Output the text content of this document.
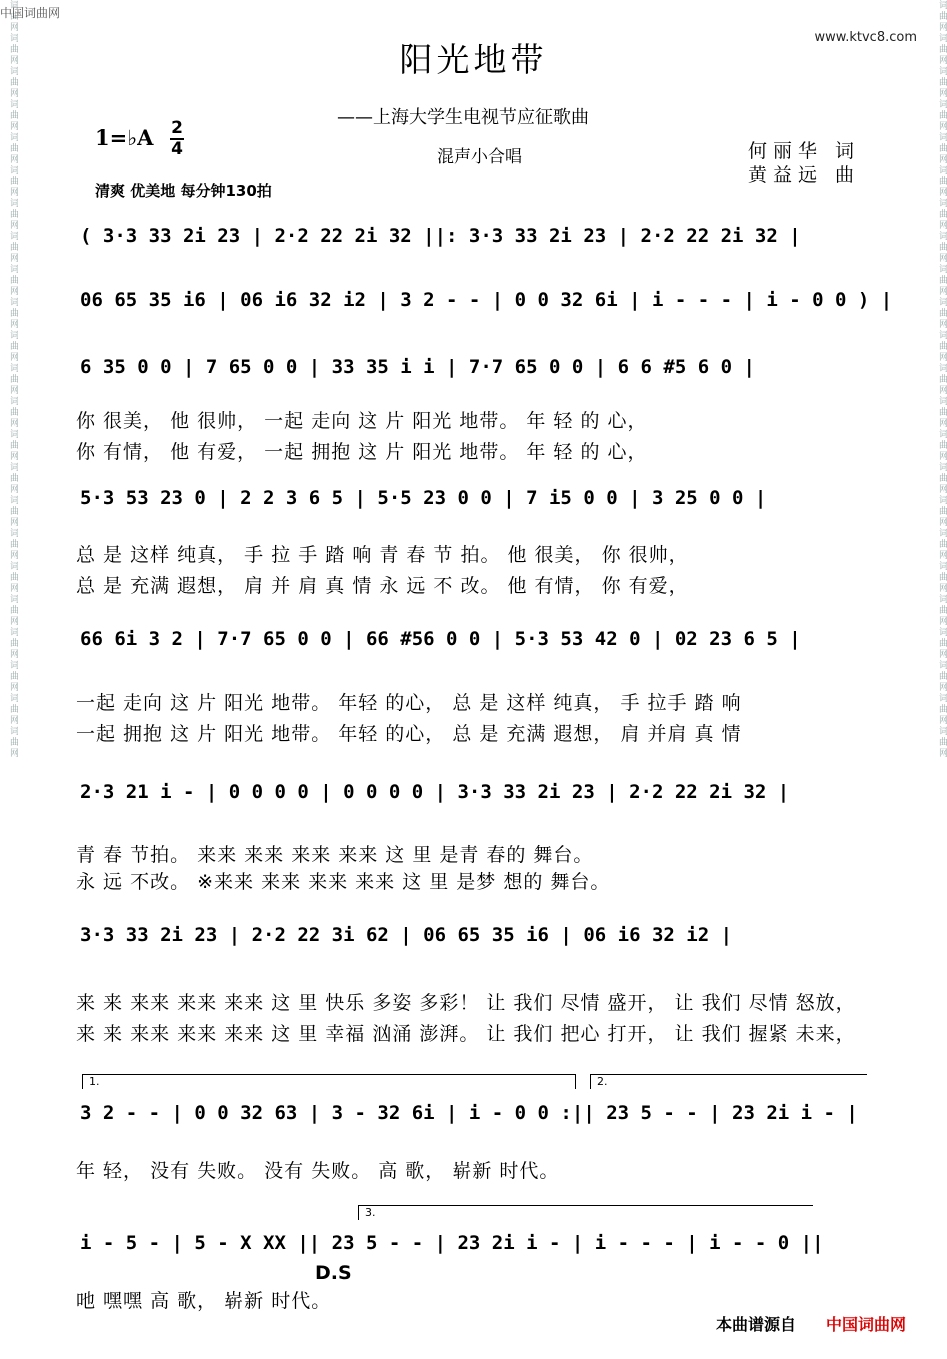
词曲网词曲网词曲网词曲网词曲网词曲网词曲网词曲网词曲网词曲网词曲网词曲网词曲网词曲网词曲网词曲网词曲网词曲网词曲网词曲网词曲网词曲网词曲网	词曲网词曲网词曲网词曲网词曲网词曲网词曲网词曲网词曲网词曲网词曲网词曲网词曲网词曲网词曲网词曲网词曲网词曲网词曲网词曲网词曲网词曲网词曲网
中国词曲网
www.ktvc8.com
阳光地带
——上海大学生电视节应征歌曲
混声小合唱
1=♭A 2
4	何丽华 词
黄益远 曲
清爽 优美地 每分钟130拍
( 3·3 33 2i 23 | 2·2 22 2i 32 ||: 3·3 33 2i 23 | 2·2 22 2i 32 |
06 65 35 i6 | 06 i6 32 i2 | 3 2 - - | 0 0 32 6i | i - - - | i - 0 0 ) |
6 35 0 0 | 7 65 0 0 | 33 35 i i | 7·7 65 0 0 | 6 6 #5 6 0 |
你 很美， 他 很帅， 一起 走向 这 片 阳光 地带。 年 轻 的 心，
你 有情， 他 有爱， 一起 拥抱 这 片 阳光 地带。 年 轻 的 心，
5·3 53 23 0 | 2 2 3 6 5 | 5·5 23 0 0 | 7 i5 0 0 | 3 25 0 0 |
总 是 这样 纯真， 手 拉 手 踏 响 青 春 节 拍。 他 很美， 你 很帅，
总 是 充满 遐想， 肩 并 肩 真 情 永 远 不 改。 他 有情， 你 有爱，
66 6i 3 2 | 7·7 65 0 0 | 66 #56 0 0 | 5·3 53 42 0 | 02 23 6 5 |
一起 走向 这 片 阳光 地带。 年轻 的心， 总 是 这样 纯真， 手 拉手 踏 响
一起 拥抱 这 片 阳光 地带。 年轻 的心， 总 是 充满 遐想， 肩 并肩 真 情
2·3 21 i - | 0 0 0 0 | 0 0 0 0 | 3·3 33 2i 23 | 2·2 22 2i 32 |
青 春 节拍。 来来 来来 来来 来来 这 里 是青 春的 舞台。
永 远 不改。 ※来来 来来 来来 来来 这 里 是梦 想的 舞台。
3·3 33 2i 23 | 2·2 22 3i 62 | 06 65 35 i6 | 06 i6 32 i2 |
来 来 来来 来来 来来 这 里 快乐 多姿 多彩！ 让 我们 尽情 盛开， 让 我们 尽情 怒放，
来 来 来来 来来 来来 这 里 幸福 汹涌 澎湃。 让 我们 把心 打开， 让 我们 握紧 未来，
1.	2.
3 2 - - | 0 0 32 63 | 3 - 32 6i | i - 0 0 :|| 23 5 - - | 23 2i i - |
年 轻， 没有 失败。 没有 失败。 高 歌， 崭新 时代。
3.
i - 5 - | 5 - X XX || 23 5 - - | 23 2i i - | i - - - | i - - 0 ||
D.S
吔 嘿嘿 高 歌， 崭新 时代。
本曲谱源自 中国词曲网
